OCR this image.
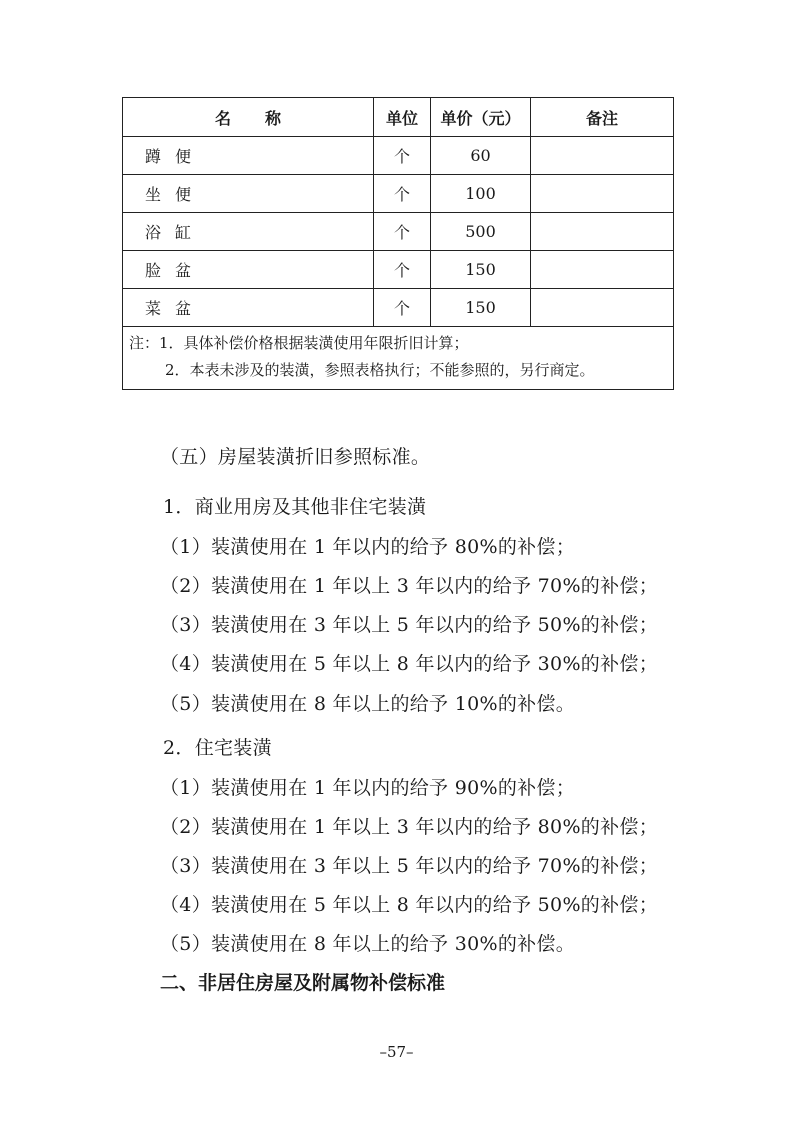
名称	单位	单价（元）	备注
蹲便	个	60	
坐便	个	100	
浴缸	个	500	
脸盆	个	150	
菜盆	个	150	

注：1．具体补偿价格根据装潢使用年限折旧计算；
2．本表未涉及的装潢，参照表格执行；不能参照的，另行商定。			
（五）房屋装潢折旧参照标准。
1．商业用房及其他非住宅装潢
（1）装潢使用在 1 年以内的给予 80%的补偿；
（2）装潢使用在 1 年以上 3 年以内的给予 70%的补偿；
（3）装潢使用在 3 年以上 5 年以内的给予 50%的补偿；
（4）装潢使用在 5 年以上 8 年以内的给予 30%的补偿；
（5）装潢使用在 8 年以上的给予 10%的补偿。
2．住宅装潢
（1）装潢使用在 1 年以内的给予 90%的补偿；
（2）装潢使用在 1 年以上 3 年以内的给予 80%的补偿；
（3）装潢使用在 3 年以上 5 年以内的给予 70%的补偿；
（4）装潢使用在 5 年以上 8 年以内的给予 50%的补偿；
（5）装潢使用在 8 年以上的给予 30%的补偿。
二、非居住房屋及附属物补偿标准
–57–
